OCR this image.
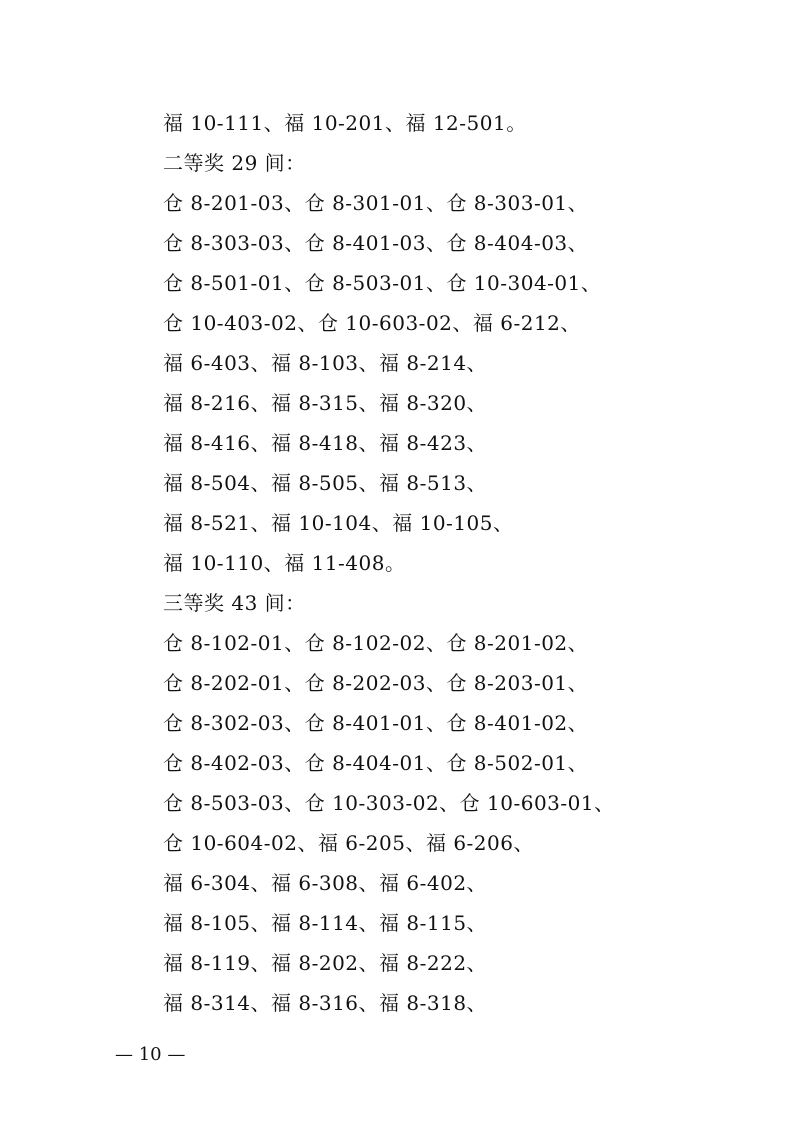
福 10-111、福 10-201、福 12-501。
二等奖 29 间：
仓 8-201-03、仓 8-301-01、仓 8-303-01、
仓 8-303-03、仓 8-401-03、仓 8-404-03、
仓 8-501-01、仓 8-503-01、仓 10-304-01、
仓 10-403-02、仓 10-603-02、福 6-212、
福 6-403、福 8-103、福 8-214、
福 8-216、福 8-315、福 8-320、
福 8-416、福 8-418、福 8-423、
福 8-504、福 8-505、福 8-513、
福 8-521、福 10-104、福 10-105、
福 10-110、福 11-408。
三等奖 43 间：
仓 8-102-01、仓 8-102-02、仓 8-201-02、
仓 8-202-01、仓 8-202-03、仓 8-203-01、
仓 8-302-03、仓 8-401-01、仓 8-401-02、
仓 8-402-03、仓 8-404-01、仓 8-502-01、
仓 8-503-03、仓 10-303-02、仓 10-603-01、
仓 10-604-02、福 6-205、福 6-206、
福 6-304、福 6-308、福 6-402、
福 8-105、福 8-114、福 8-115、
福 8-119、福 8-202、福 8-222、
福 8-314、福 8-316、福 8-318、
— 10 —
